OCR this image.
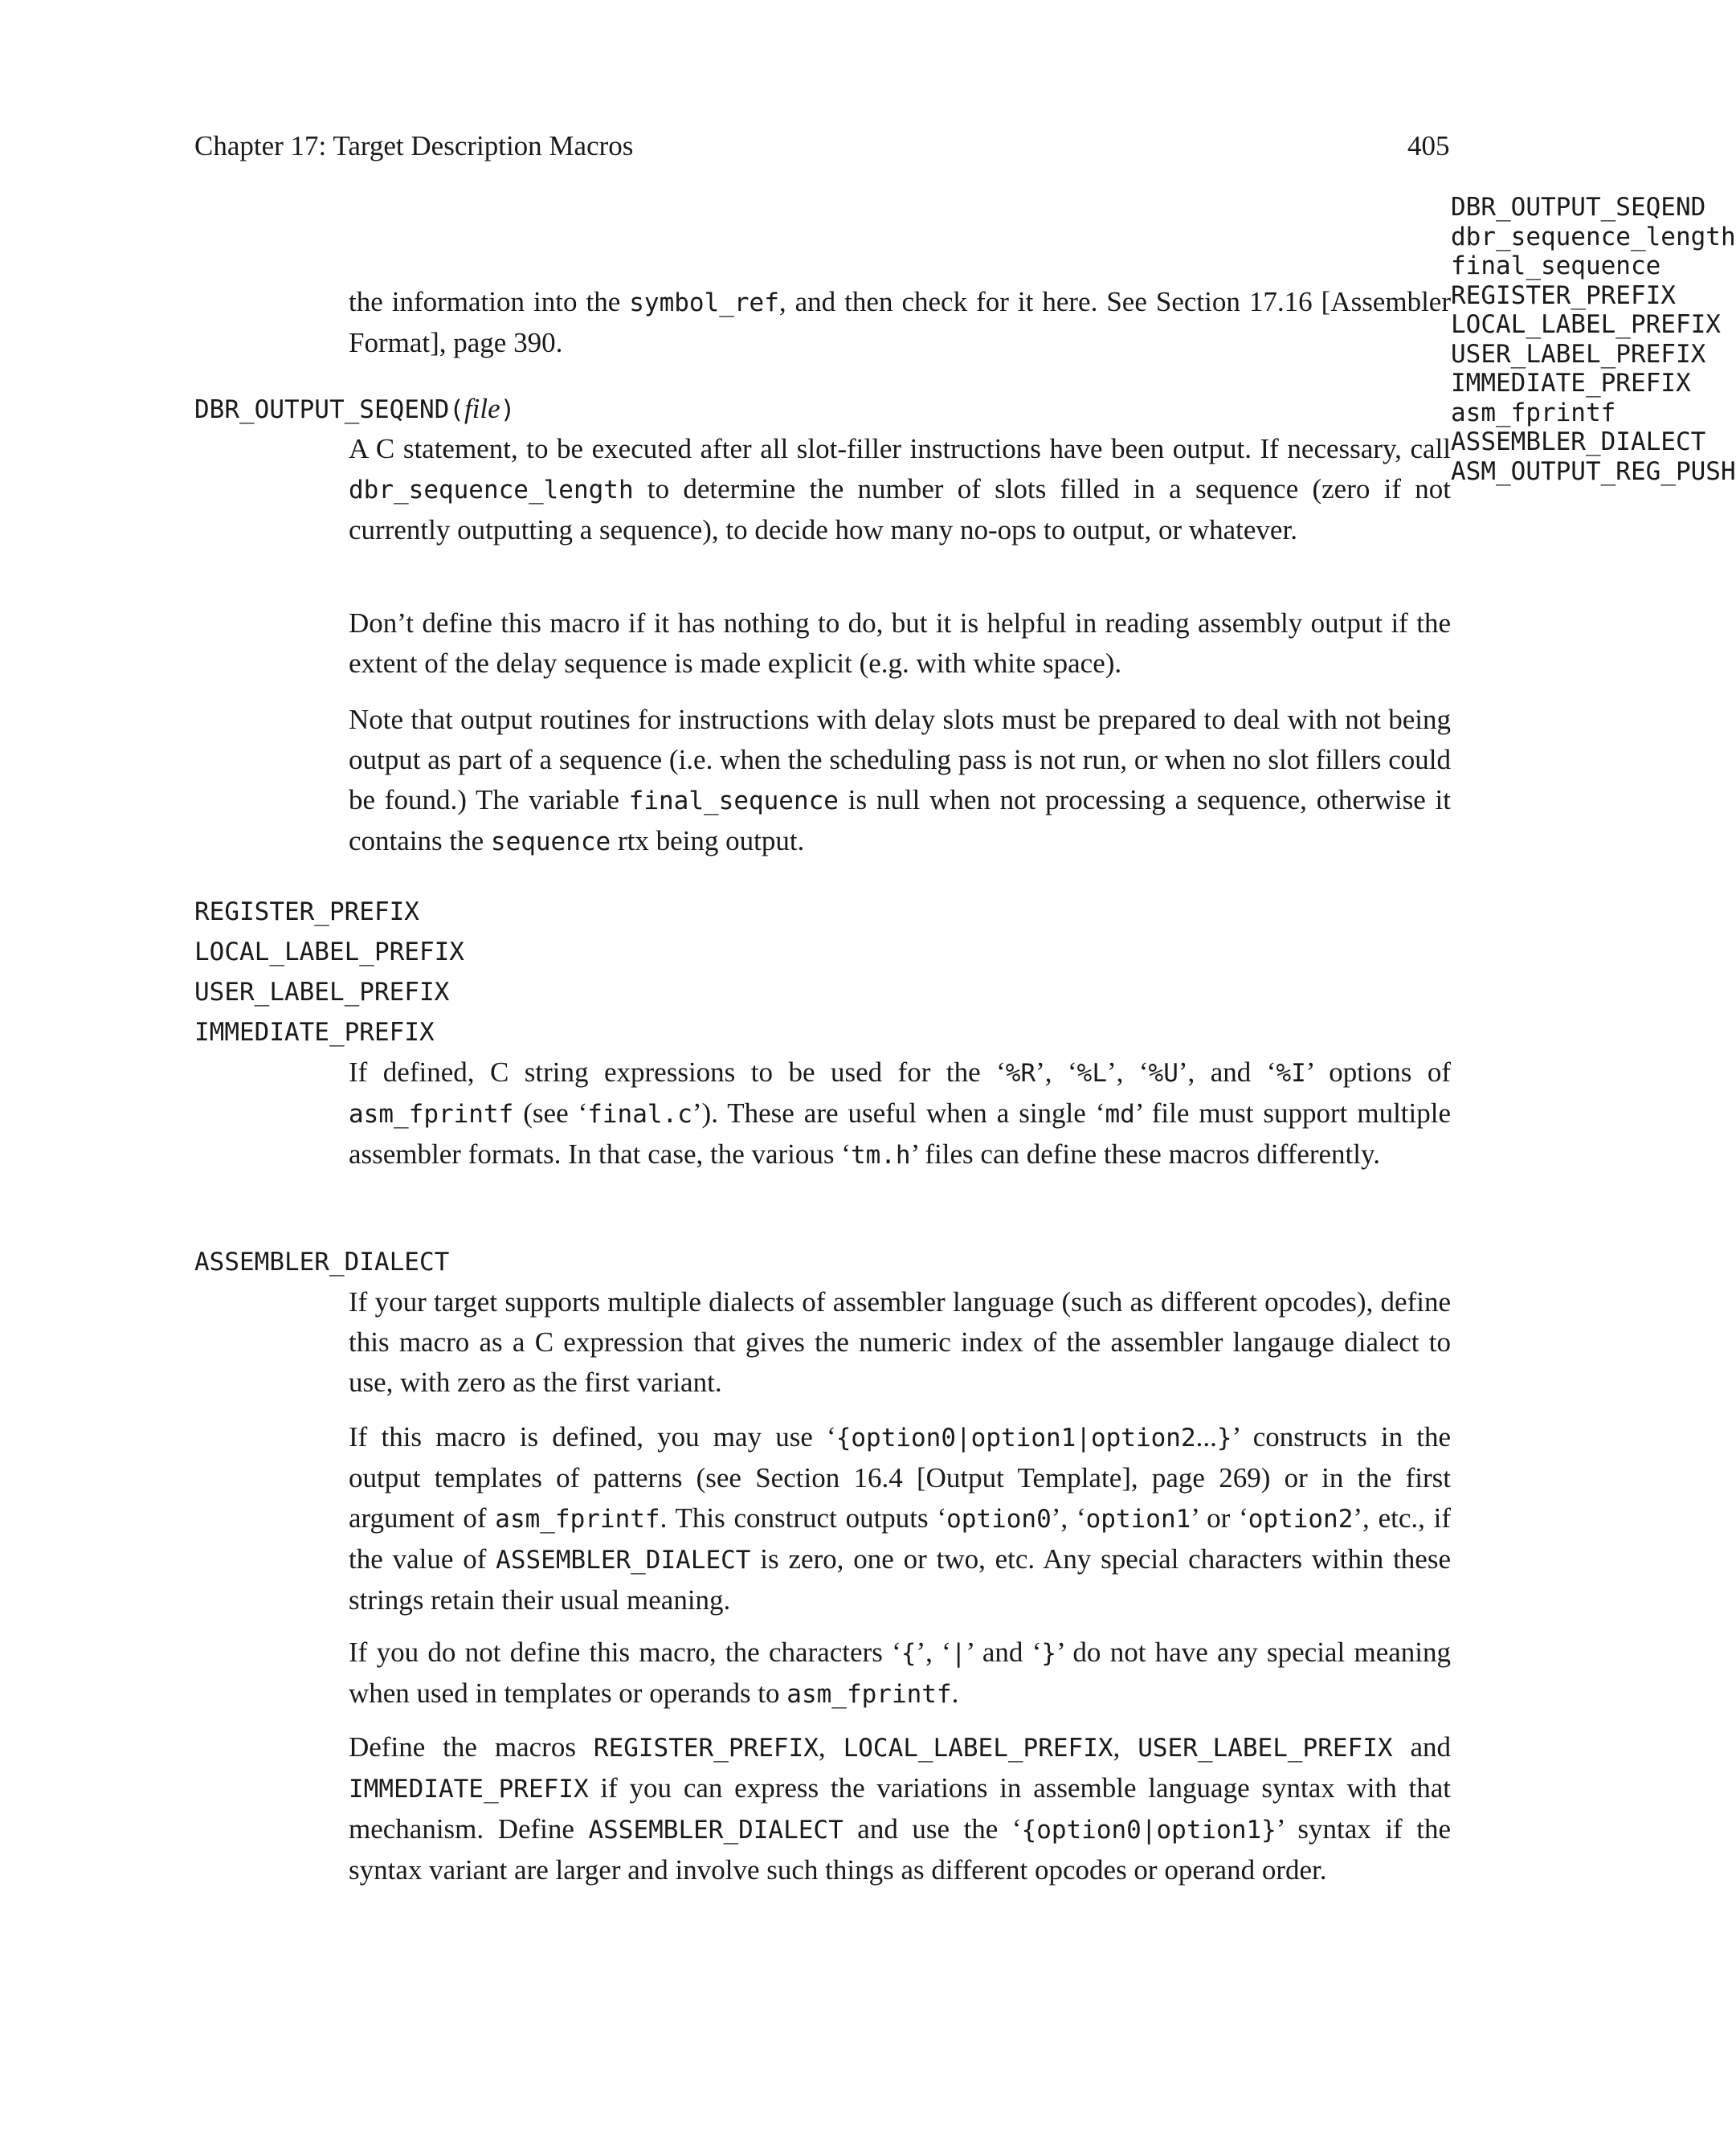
Chapter 17: Target Description Macros	405
DBR_OUTPUT_SEQEND
dbr_sequence_length
final_sequence
REGISTER_PREFIX
LOCAL_LABEL_PREFIX
USER_LABEL_PREFIX
IMMEDIATE_PREFIX
asm_fprintf
ASSEMBLER_DIALECT
ASM_OUTPUT_REG_PUSH
the information into the symbol_ref, and then check for it here. See Section 17.16 [Assembler Format], page 390.
DBR_OUTPUT_SEQEND(file)
A C statement, to be executed after all slot-filler instructions have been output. If necessary, call dbr_sequence_length to determine the number of slots filled in a sequence (zero if not currently outputting a sequence), to decide how many no-ops to output, or whatever.
Don’t define this macro if it has nothing to do, but it is helpful in reading assembly output if the extent of the delay sequence is made explicit (e.g. with white space).
Note that output routines for instructions with delay slots must be prepared to deal with not being output as part of a sequence (i.e. when the scheduling pass is not run, or when no slot fillers could be found.) The variable final_sequence is null when not processing a sequence, otherwise it contains the sequence rtx being output.
REGISTER_PREFIX
LOCAL_LABEL_PREFIX
USER_LABEL_PREFIX
IMMEDIATE_PREFIX
If defined, C string expressions to be used for the ‘%R’, ‘%L’, ‘%U’, and ‘%I’ options of asm_fprintf (see ‘final.c’). These are useful when a single ‘md’ file must support multiple assembler formats. In that case, the various ‘tm.h’ files can define these macros differently.
ASSEMBLER_DIALECT
If your target supports multiple dialects of assembler language (such as different opcodes), define this macro as a C expression that gives the numeric index of the assembler langauge dialect to use, with zero as the first variant.
If this macro is defined, you may use ‘{option0|option1|option2...}’ constructs in the output templates of patterns (see Section 16.4 [Output Template], page 269) or in the first argument of asm_fprintf. This construct outputs ‘option0’, ‘option1’ or ‘option2’, etc., if the value of ASSEMBLER_DIALECT is zero, one or two, etc. Any special characters within these strings retain their usual meaning.
If you do not define this macro, the characters ‘{’, ‘|’ and ‘}’ do not have any special meaning when used in templates or operands to asm_fprintf.
Define the macros REGISTER_PREFIX, LOCAL_LABEL_PREFIX, USER_LABEL_PREFIX and IMMEDIATE_PREFIX if you can express the variations in assemble language syntax with that mechanism. Define ASSEMBLER_DIALECT and use the ‘{option0|option1}’ syntax if the syntax variant are larger and involve such things as different opcodes or operand order.
